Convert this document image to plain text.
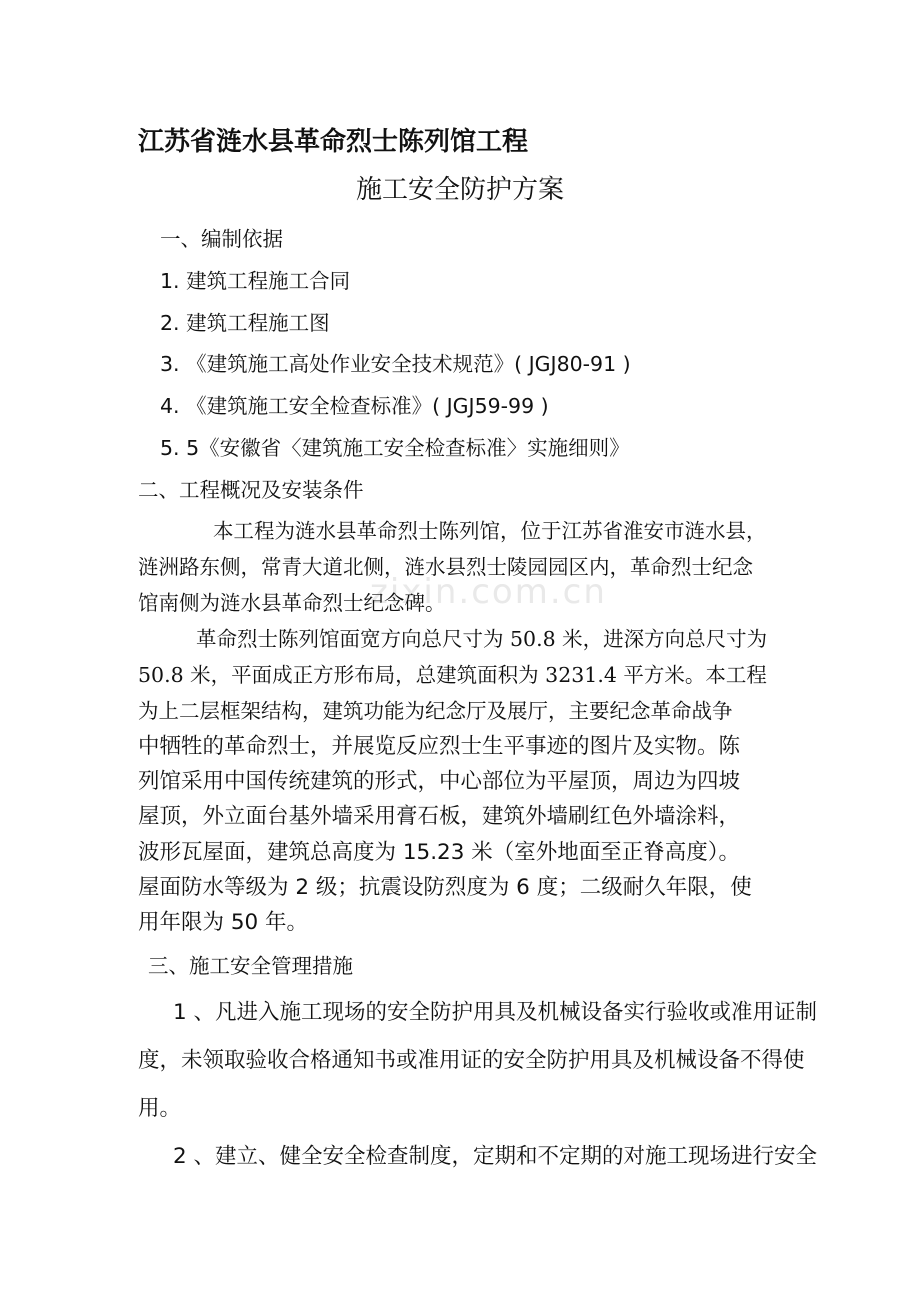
zixin.com.cn
江苏省涟水县革命烈士陈列馆工程
施工安全防护方案
一、编制依据
1. 建筑工程施工合同
2. 建筑工程施工图
3. 《建筑施工高处作业安全技术规范》( JGJ80-91 )
4. 《建筑施工安全检查标准》( JGJ59-99 )
5. 5《安徽省〈建筑施工安全检查标准〉实施细则》
二、工程概况及安装条件
本工程为涟水县革命烈士陈列馆，位于江苏省淮安市涟水县，
涟洲路东侧，常青大道北侧，涟水县烈士陵园园区内，革命烈士纪念
馆南侧为涟水县革命烈士纪念碑。
革命烈士陈列馆面宽方向总尺寸为 50.8 米，进深方向总尺寸为
50.8 米，平面成正方形布局，总建筑面积为 3231.4 平方米。本工程
为上二层框架结构，建筑功能为纪念厅及展厅，主要纪念革命战争
中牺牲的革命烈士，并展览反应烈士生平事迹的图片及实物。陈
列馆采用中国传统建筑的形式，中心部位为平屋顶，周边为四坡
屋顶，外立面台基外墙采用膏石板，建筑外墙刷红色外墙涂料，
波形瓦屋面，建筑总高度为 15.23 米（室外地面至正脊高度）。
屋面防水等级为 2 级；抗震设防烈度为 6 度；二级耐久年限，使
用年限为 50 年。
三、施工安全管理措施
1 、凡进入施工现场的安全防护用具及机械设备实行验收或准用证制
度，未领取验收合格通知书或准用证的安全防护用具及机械设备不得使
用。
2 、建立、健全安全检查制度，定期和不定期的对施工现场进行安全
